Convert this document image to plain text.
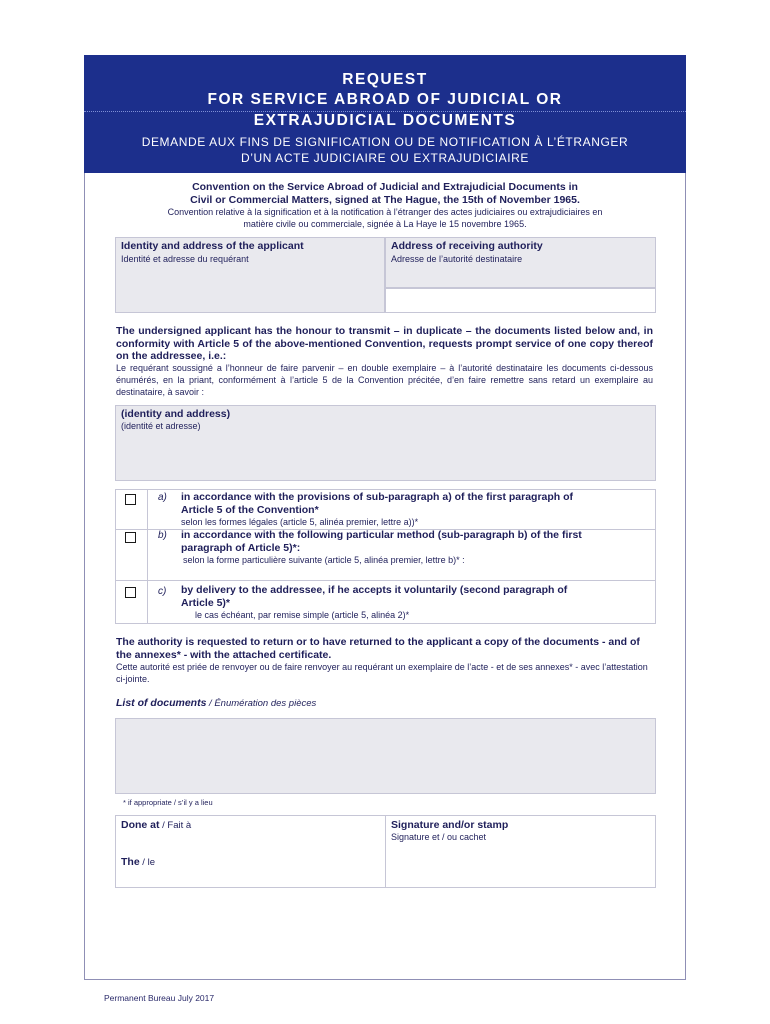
REQUEST
FOR SERVICE ABROAD OF JUDICIAL OR
EXTRAJUDICIAL DOCUMENTS
DEMANDE AUX FINS DE SIGNIFICATION OU DE NOTIFICATION À L’ÉTRANGER
D’UN ACTE JUDICIAIRE OU EXTRAJUDICIAIRE
Convention on the Service Abroad of Judicial and Extrajudicial Documents in
Civil or Commercial Matters, signed at The Hague, the 15th of November 1965.
Convention relative à la signification et à la notification à l’étranger des actes judiciaires ou extrajudiciaires en
matière civile ou commerciale, signée à La Haye le 15 novembre 1965.
Identity and address of the applicant
Identité et adresse du requérant
Address of receiving authority
Adresse de l’autorité destinataire
The undersigned applicant has the honour to transmit – in duplicate – the documents listed below and, in conformity with Article 5 of the above-mentioned Convention, requests prompt service of one copy thereof on the addressee, i.e.:
Le requérant soussigné a l’honneur de faire parvenir – en double exemplaire – à l’autorité destinataire les documents ci-dessous énumérés, en la priant, conformément à l’article 5 de la Convention précitée, d’en faire remettre sans retard un exemplaire au destinataire, à savoir :
(identity and address)
(identité et adresse)
a) in accordance with the provisions of sub-paragraph a) of the first paragraph of
Article 5 of the Convention*
selon les formes légales (article 5, alinéa premier, lettre a))*
b) in accordance with the following particular method (sub-paragraph b) of the first
paragraph of Article 5)*:
selon la forme particulière suivante (article 5, alinéa premier, lettre b)* :
c) by delivery to the addressee, if he accepts it voluntarily (second paragraph of
Article 5)*
le cas échéant, par remise simple (article 5, alinéa 2)*
The authority is requested to return or to have returned to the applicant a copy of the documents - and of the annexes* - with the attached certificate.
Cette autorité est priée de renvoyer ou de faire renvoyer au requérant un exemplaire de l’acte - et de ses annexes* - avec l’attestation ci-jointe.
List of documents / Énumération des pièces
* if appropriate / s’il y a lieu
Done at / Fait à
The / le
Signature and/or stamp
Signature et / ou cachet
Permanent Bureau July 2017
